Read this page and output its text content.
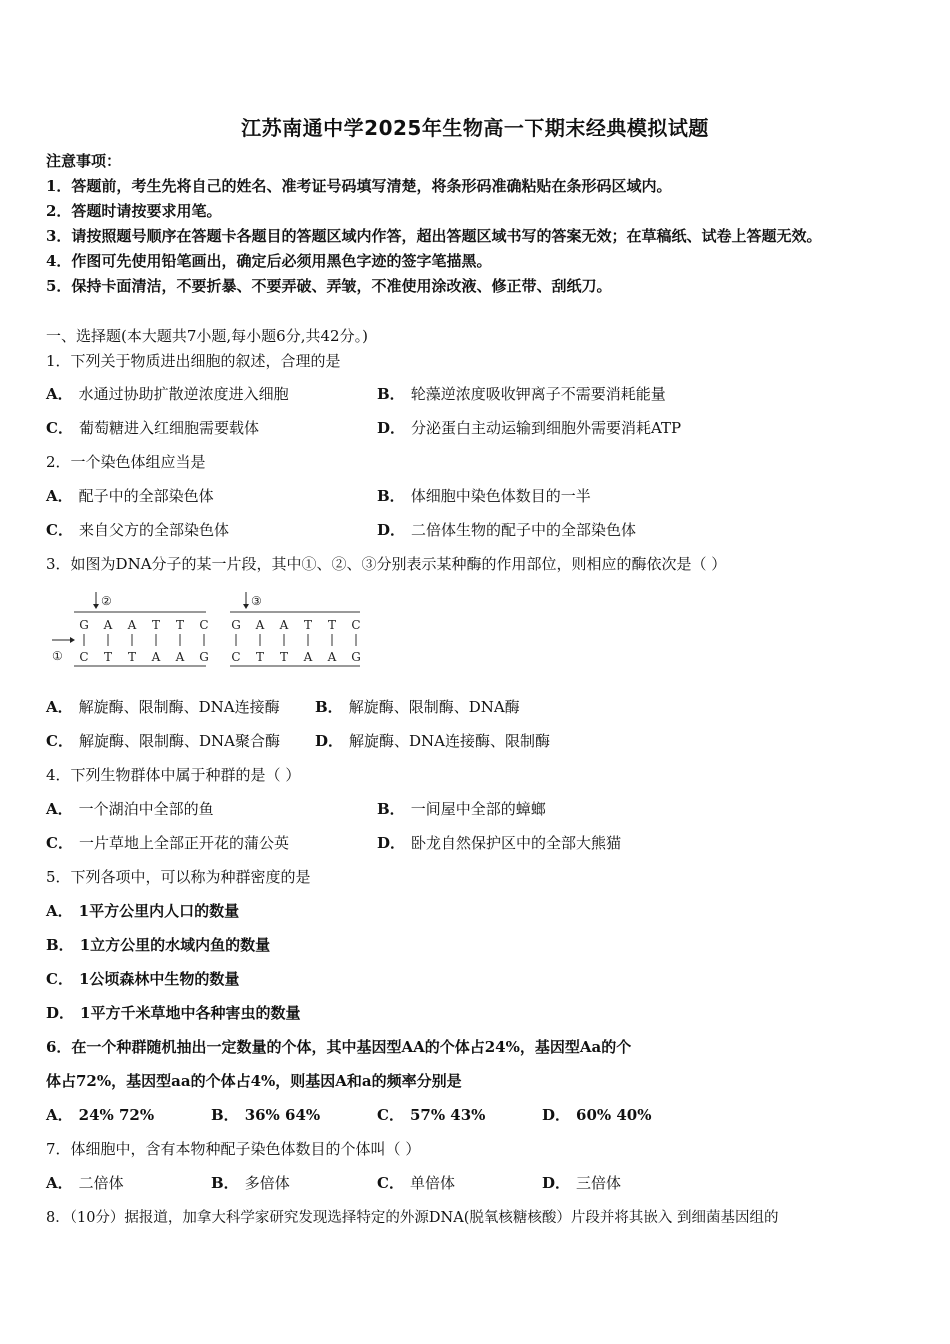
江苏南通中学2025年生物高一下期末经典模拟试题
注意事项：
1．答题前，考生先将自己的姓名、准考证号码填写清楚，将条形码准确粘贴在条形码区域内。
2．答题时请按要求用笔。
3．请按照题号顺序在答题卡各题目的答题区域内作答，超出答题区域书写的答案无效；在草稿纸、试卷上答题无效。
4．作图可先使用铅笔画出，确定后必须用黑色字迹的签字笔描黑。
5．保持卡面清洁，不要折暴、不要弄破、弄皱，不准使用涂改液、修正带、刮纸刀。
一、选择题(本大题共7小题,每小题6分,共42分。)
1．下列关于物质进出细胞的叙述，合理的是
A． 水通过协助扩散逆浓度进入细胞	B． 轮藻逆浓度吸收钾离子不需要消耗能量
C． 葡萄糖进入红细胞需要载体	D． 分泌蛋白主动运输到细胞外需要消耗ATP
2．一个染色体组应当是
A． 配子中的全部染色体	B． 体细胞中染色体数目的一半
C． 来自父方的全部染色体	D． 二倍体生物的配子中的全部染色体
3．如图为DNA分子的某一片段，其中①、②、③分别表示某种酶的作用部位，则相应的酶依次是（ ）
②	③
①
G
C
A
T
A
T
T
A
T
A
C
G
G
C
A
T
A
T
T
A
T
A
C
G
A． 解旋酶、限制酶、DNA连接酶 B． 解旋酶、限制酶、DNA酶
C． 解旋酶、限制酶、DNA聚合酶 D． 解旋酶、DNA连接酶、限制酶
4．下列生物群体中属于种群的是（ ）
A． 一个湖泊中全部的鱼	B． 一间屋中全部的蟑螂
C． 一片草地上全部正开花的蒲公英	D． 卧龙自然保护区中的全部大熊猫
5．下列各项中，可以称为种群密度的是
A． 1平方公里内人口的数量
B． 1立方公里的水域内鱼的数量
C． 1公顷森林中生物的数量
D． 1平方千米草地中各种害虫的数量
6．在一个种群随机抽出一定数量的个体，其中基因型AA的个体占24%，基因型Aa的个
体占72%，基因型aa的个体占4%，则基因A和a的频率分别是
A． 24% 72%	B． 36% 64%	C． 57% 43%	D． 60% 40%
7．体细胞中，含有本物种配子染色体数目的个体叫（ ）
A． 二倍体	B． 多倍体	C． 单倍体	D． 三倍体
8．（10分）据报道，加拿大科学家研究发现选择特定的外源DNA(脱氧核糖核酸）片段并将其嵌入 到细菌基因组的
